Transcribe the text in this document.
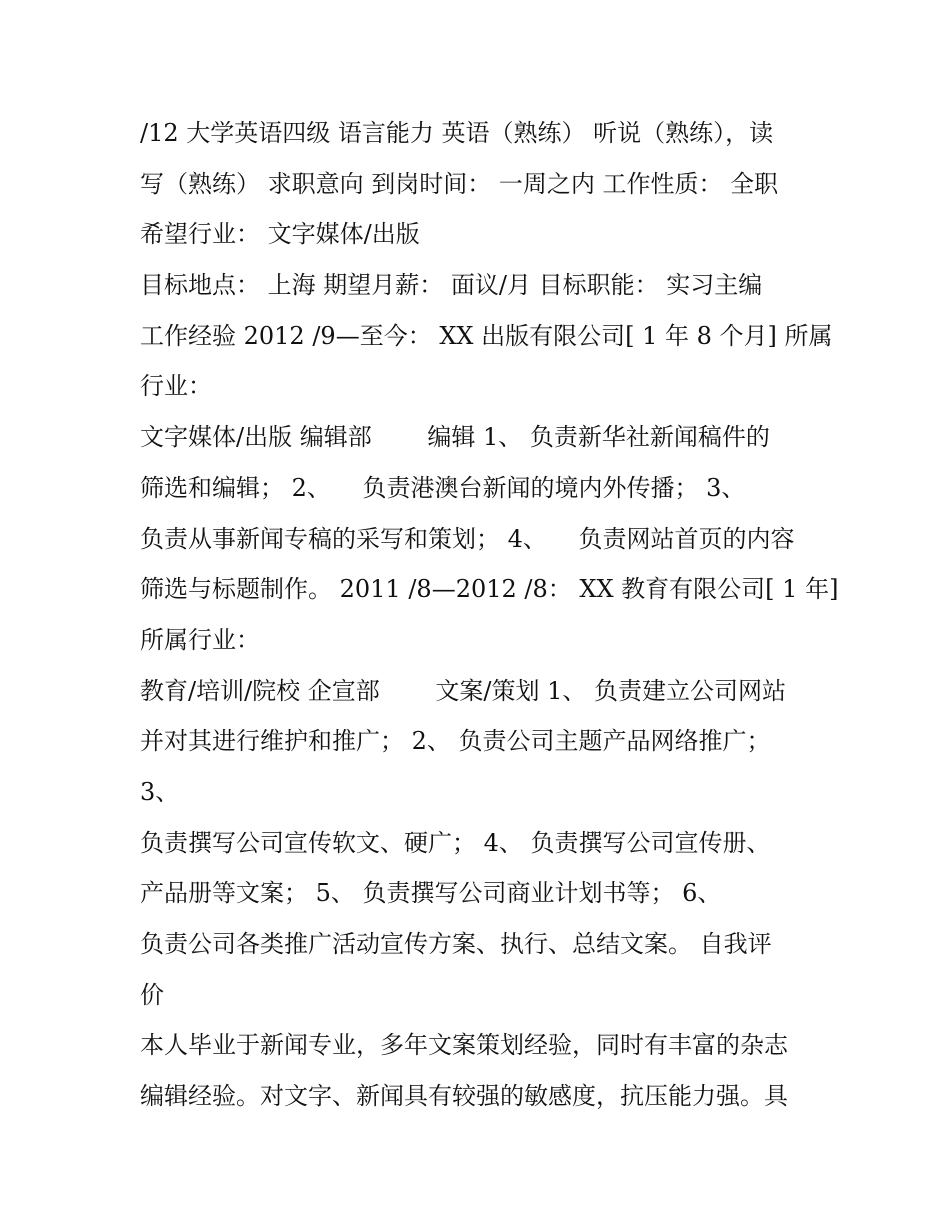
/12 大学英语四级 语言能力 英语（熟练） 听说（熟练），读
写（熟练） 求职意向 到岗时间： 一周之内 工作性质： 全职
希望行业： 文字媒体/出版
目标地点： 上海 期望月薪： 面议/月 目标职能： 实习主编
工作经验 2012 /9—至今： XX 出版有限公司[ 1 年 8 个月] 所属
行业：
文字媒体/出版 编辑部 　　编辑 1、 负责新华社新闻稿件的
筛选和编辑； 2、 　负责港澳台新闻的境内外传播； 3、
负责从事新闻专稿的采写和策划； 4、 　负责网站首页的内容
筛选与标题制作。 2011 /8—2012 /8： XX 教育有限公司[ 1 年]
所属行业：
教育/培训/院校 企宣部 　　文案/策划 1、 负责建立公司网站
并对其进行维护和推广； 2、 负责公司主题产品网络推广；
3、
负责撰写公司宣传软文、硬广； 4、 负责撰写公司宣传册、
产品册等文案； 5、 负责撰写公司商业计划书等； 6、
负责公司各类推广活动宣传方案、执行、总结文案。 自我评
价
本人毕业于新闻专业，多年文案策划经验，同时有丰富的杂志
编辑经验。对文字、新闻具有较强的敏感度，抗压能力强。具
